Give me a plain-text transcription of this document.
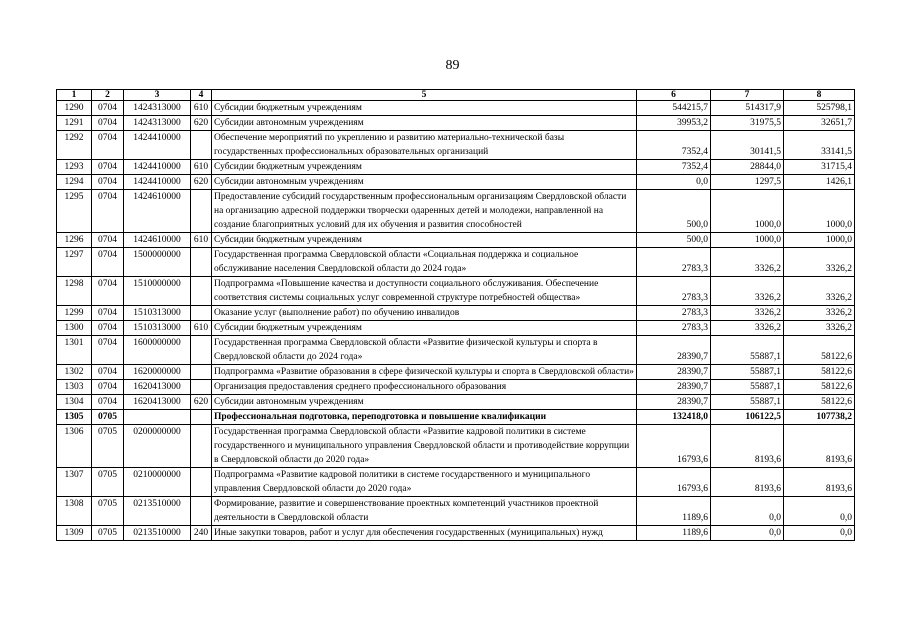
89
1	2	3	4	5	6	7	8
1290	0704	1424313000	610	Субсидии бюджетным учреждениям	544215,7	514317,9	525798,1
1291	0704	1424313000	620	Субсидии автономным учреждениям	39953,2	31975,5	32651,7
1292	0704	1424410000		Обеспечение мероприятий по укреплению и развитию материально-технической базы государственных профессиональных образовательных организаций	7352,4	30141,5	33141,5
1293	0704	1424410000	610	Субсидии бюджетным учреждениям	7352,4	28844,0	31715,4
1294	0704	1424410000	620	Субсидии автономным учреждениям	0,0	1297,5	1426,1
1295	0704	1424610000		Предоставление субсидий государственным профессиональным организациям Свердловской области на организацию адресной поддержки творчески одаренных детей и молодежи, направленной на создание благоприятных условий для их обучения и развития способностей	500,0	1000,0	1000,0
1296	0704	1424610000	610	Субсидии бюджетным учреждениям	500,0	1000,0	1000,0
1297	0704	1500000000		Государственная программа Свердловской области «Социальная поддержка и социальное обслуживание населения Свердловской области до 2024 года»	2783,3	3326,2	3326,2
1298	0704	1510000000		Подпрограмма «Повышение качества и доступности социального обслуживания. Обеспечение соответствия системы социальных услуг современной структуре потребностей общества»	2783,3	3326,2	3326,2
1299	0704	1510313000		Оказание услуг (выполнение работ) по обучению инвалидов	2783,3	3326,2	3326,2
1300	0704	1510313000	610	Субсидии бюджетным учреждениям	2783,3	3326,2	3326,2
1301	0704	1600000000		Государственная программа Свердловской области «Развитие физической культуры и спорта в Свердловской области до 2024 года»	28390,7	55887,1	58122,6
1302	0704	1620000000		Подпрограмма «Развитие образования в сфере физической культуры и спорта в Свердловской области»	28390,7	55887,1	58122,6
1303	0704	1620413000		Организация предоставления среднего профессионального образования	28390,7	55887,1	58122,6
1304	0704	1620413000	620	Субсидии автономным учреждениям	28390,7	55887,1	58122,6
1305	0705			Профессиональная подготовка, переподготовка и повышение квалификации	132418,0	106122,5	107738,2
1306	0705	0200000000		Государственная программа Свердловской области «Развитие кадровой политики в системе государственного и муниципального управления Свердловской области и противодействие коррупции в Свердловской области до 2020 года»	16793,6	8193,6	8193,6
1307	0705	0210000000		Подпрограмма «Развитие кадровой политики в системе государственного и муниципального управления Свердловской области до 2020 года»	16793,6	8193,6	8193,6
1308	0705	0213510000		Формирование, развитие и совершенствование проектных компетенций участников проектной деятельности в Свердловской области	1189,6	0,0	0,0
1309	0705	0213510000	240	Иные закупки товаров, работ и услуг для обеспечения государственных (муниципальных) нужд	1189,6	0,0	0,0
